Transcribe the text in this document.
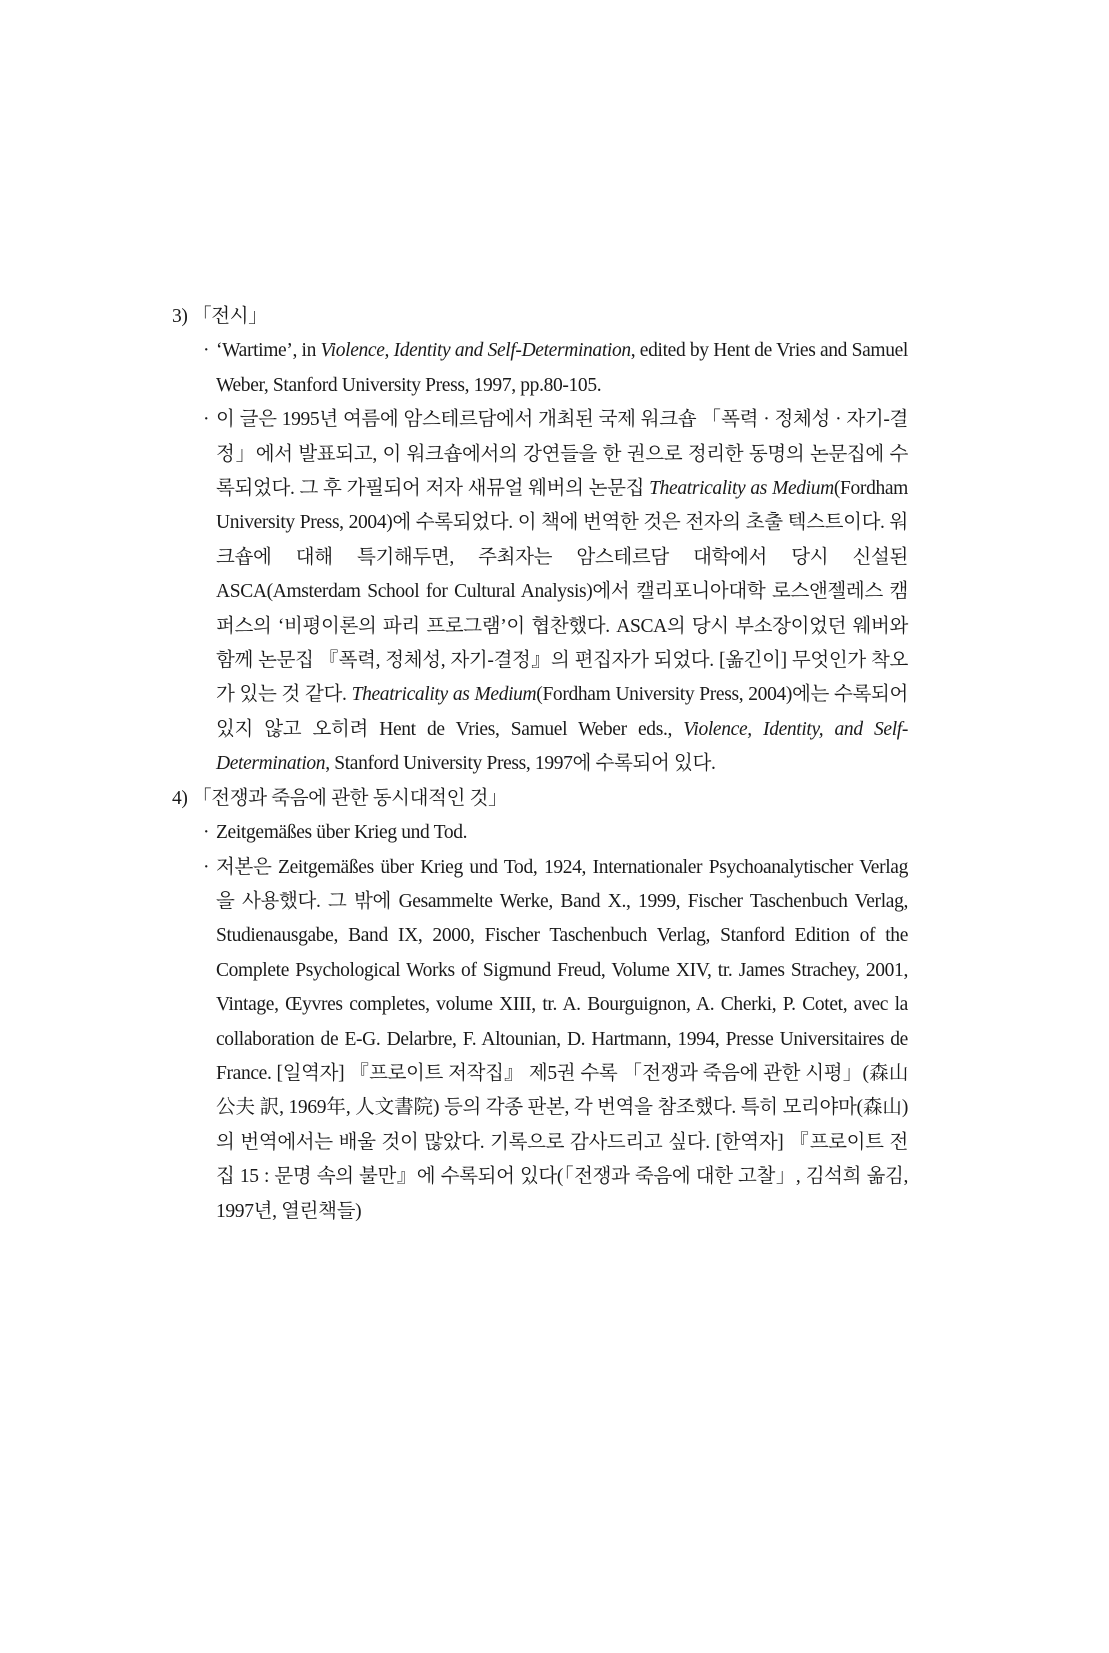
3) 「전시」

· ‘Wartime’, in Violence, Identity and Self-Determination, edited by Hent de Vries and Samuel Weber, Stanford University Press, 1997, pp.80-105.

· 이 글은 1995년 여름에 암스테르담에서 개최된 국제 워크숍 「폭력 · 정체성 · 자기-결정」에서 발표되고, 이 워크숍에서의 강연들을 한 권으로 정리한 동명의 논문집에 수록되었다. 그 후 가필되어 저자 새뮤얼 웨버의 논문집 Theatricality as Medium(Fordham University Press, 2004)에 수록되었다. 이 책에 번역한 것은 전자의 초출 텍스트이다. 워크숍에 대해 특기해두면, 주최자는 암스테르담 대학에서 당시 신설된 ASCA(Amsterdam School for Cultural Analysis)에서 캘리포니아대학 로스앤젤레스 캠퍼스의 ‘비평이론의 파리 프로그램’이 협찬했다. ASCA의 당시 부소장이었던 웨버와 함께 논문집 『폭력, 정체성, 자기-결정』의 편집자가 되었다. [옮긴이] 무엇인가 착오가 있는 것 같다. Theatricality as Medium(Fordham University Press, 2004)에는 수록되어 있지 않고 오히려 Hent de Vries, Samuel Weber eds., Violence, Identity, and Self-Determination, Stanford University Press, 1997에 수록되어 있다.

4) 「전쟁과 죽음에 관한 동시대적인 것」

· Zeitgemäßes über Krieg und Tod.

· 저본은 Zeitgemäßes über Krieg und Tod, 1924, Internationaler Psychoanalytischer Verlag을 사용했다. 그 밖에 Gesammelte Werke, Band X., 1999, Fischer Taschenbuch Verlag, Studienausgabe, Band IX, 2000, Fischer Taschenbuch Verlag, Stanford Edition of the Complete Psychological Works of Sigmund Freud, Volume XIV, tr. James Strachey, 2001, Vintage, Œyvres completes, volume XIII, tr. A. Bourguignon, A. Cherki, P. Cotet, avec la collaboration de E-G. Delarbre, F. Altounian, D. Hartmann, 1994, Presse Universitaires de France. [일역자] 『프로이트 저작집』 제5권 수록 「전쟁과 죽음에 관한 시평」(森山公夫 訳, 1969年, 人文書院) 등의 각종 판본, 각 번역을 참조했다. 특히 모리야마(森山)의 번역에서는 배울 것이 많았다. 기록으로 감사드리고 싶다. [한역자] 『프로이트 전집 15 : 문명 속의 불만』에 수록되어 있다(「전쟁과 죽음에 대한 고찰」, 김석희 옮김, 1997년, 열린책들)
